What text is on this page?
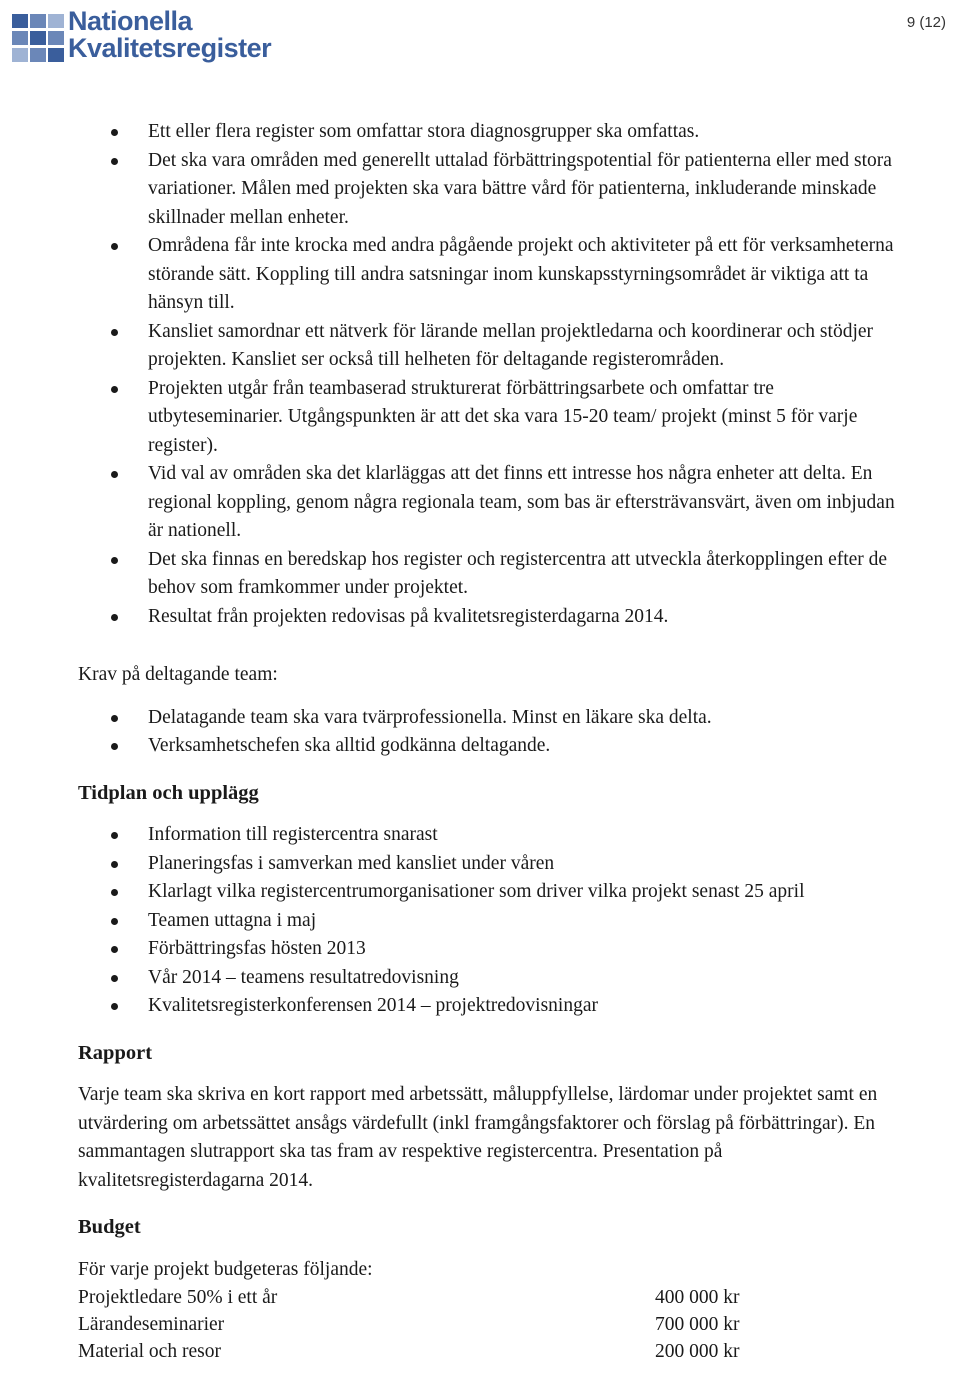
Nationella
Kvalitetsregister
9 (12)
Ett eller flera register som omfattar stora diagnosgrupper ska omfattas.
Det ska vara områden med generellt uttalad förbättringspotential för patienterna eller med stora variationer. Målen med projekten ska vara bättre vård för patienterna, inkluderande minskade skillnader mellan enheter.
Områdena får inte krocka med andra pågående projekt och aktiviteter på ett för verksamheterna störande sätt. Koppling till andra satsningar inom kunskapsstyrningsområdet är viktiga att ta hänsyn till.
Kansliet samordnar ett nätverk för lärande mellan projektledarna och koordinerar och stödjer projekten. Kansliet ser också till helheten för deltagande registerområden.
Projekten utgår från teambaserad strukturerat förbättringsarbete och omfattar tre utbyteseminarier. Utgångspunkten är att det ska vara 15-20 team/ projekt (minst 5 för varje register).
Vid val av områden ska det klarläggas att det finns ett intresse hos några enheter att delta. En regional koppling, genom några regionala team, som bas är eftersträvansvärt, även om inbjudan är nationell.
Det ska finnas en beredskap hos register och registercentra att utveckla återkopplingen efter de behov som framkommer under projektet.
Resultat från projekten redovisas på kvalitetsregisterdagarna 2014.

Krav på deltagande team:

Delatagande team ska vara tvärprofessionella. Minst en läkare ska delta.
Verksamhetschefen ska alltid godkänna deltagande.

Tidplan och upplägg

Information till registercentra snarast
Planeringsfas i samverkan med kansliet under våren
Klarlagt vilka registercentrumorganisationer som driver vilka projekt senast 25 april
Teamen uttagna i maj
Förbättringsfas hösten 2013
Vår 2014 – teamens resultatredovisning
Kvalitetsregisterkonferensen 2014 – projektredovisningar

Rapport

Varje team ska skriva en kort rapport med arbetssätt, måluppfyllelse, lärdomar under projektet samt en utvärdering om arbetssättet ansågs värdefullt (inkl framgångsfaktorer och förslag på förbättringar). En sammantagen slutrapport ska tas fram av respektive registercentra. Presentation på kvalitetsregisterdagarna 2014.

Budget

För varje projekt budgeteras följande:

Projektledare 50% i ett år	400 000 kr
Lärandeseminarier	700 000 kr
Material och resor	200 000 kr
